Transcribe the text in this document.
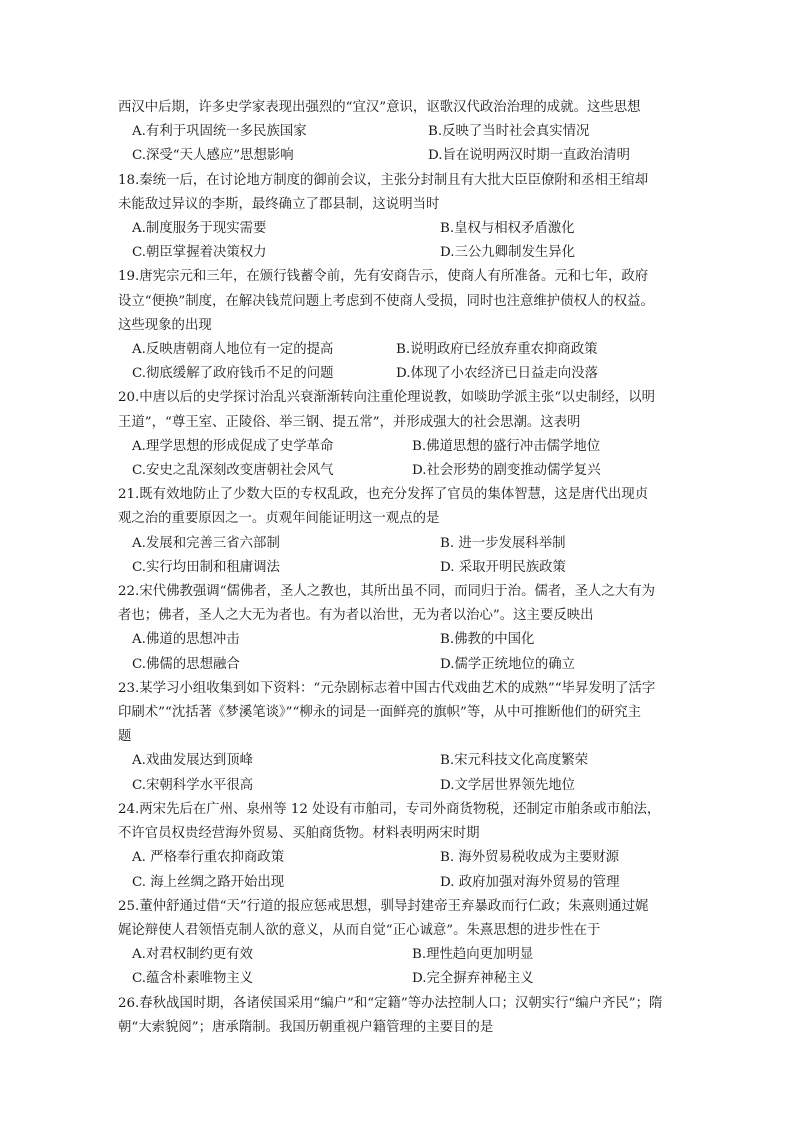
西汉中后期，许多史学家表现出强烈的“宜汉”意识，讴歌汉代政治治理的成就。这些思想
A.有利于巩固统一多民族国家	B.反映了当时社会真实情况
C.深受“天人感应”思想影响	D.旨在说明两汉时期一直政治清明
18.秦统一后，在讨论地方制度的御前会议，主张分封制且有大批大臣臣僚附和丞相王绾却
未能敌过异议的李斯，最终确立了郡县制，这说明当时
A.制度服务于现实需要	B.皇权与相权矛盾激化
C.朝臣掌握着决策权力	D.三公九卿制发生异化
19.唐宪宗元和三年，在颁行钱蓄令前，先有安商告示，使商人有所准备。元和七年，政府
设立“便换”制度，在解决钱荒问题上考虑到不使商人受损，同时也注意维护债权人的权益。
这些现象的出现
A.反映唐朝商人地位有一定的提高	B.说明政府已经放弃重农抑商政策
C.彻底缓解了政府钱币不足的问题	D.体现了小农经济已日益走向没落
20.中唐以后的史学探讨治乱兴衰渐渐转向注重伦理说教，如啖助学派主张“以史制经，以明
王道”，“尊王室、正陵俗、举三钢、提五常”，并形成强大的社会思潮。这表明
A.理学思想的形成促成了史学革命	B.佛道思想的盛行冲击儒学地位
C.安史之乱深刻改变唐朝社会风气	D.社会形势的剧变推动儒学复兴
21.既有效地防止了少数大臣的专权乱政，也充分发挥了官员的集体智慧，这是唐代出现贞
观之治的重要原因之一。贞观年间能证明这一观点的是
A.发展和完善三省六部制	B. 进一步发展科举制
C.实行均田制和租庸调法	D. 采取开明民族政策
22.宋代佛教强调“儒佛者，圣人之教也，其所出虽不同，而同归于治。儒者，圣人之大有为
者也；佛者，圣人之大无为者也。有为者以治世，无为者以治心”。这主要反映出
A.佛道的思想冲击	B.佛教的中国化
C.佛儒的思想融合	D.儒学正统地位的确立
23.某学习小组收集到如下资料：“元杂剧标志着中国古代戏曲艺术的成熟”“毕昇发明了活字
印刷术”“沈括著《梦溪笔谈》”“柳永的词是一面鲜亮的旗帜”等，从中可推断他们的研究主
题
A.戏曲发展达到顶峰	B.宋元科技文化高度繁荣
C.宋朝科学水平很高	D.文学居世界领先地位
24.两宋先后在广州、泉州等 12 处设有市舶司，专司外商货物税，还制定市舶条或市舶法，
不许官员权贵经营海外贸易、买舶商货物。材料表明两宋时期
A. 严格奉行重农抑商政策	B. 海外贸易税收成为主要财源
C. 海上丝绸之路开始出现	D. 政府加强对海外贸易的管理
25.董仲舒通过借“天”行道的报应惩戒思想，驯导封建帝王弃暴政而行仁政；朱熹则通过娓
娓论辩使人君领悟克制人欲的意义，从而自觉“正心诚意”。朱熹思想的进步性在于
A.对君权制约更有效	B.理性趋向更加明显
C.蕴含朴素唯物主义	D.完全摒弃神秘主义
26.春秋战国时期，各诸侯国采用“编户”和“定籍”等办法控制人口；汉朝实行“编户齐民”；隋
朝“大索貌阅”；唐承隋制。我国历朝重视户籍管理的主要目的是
